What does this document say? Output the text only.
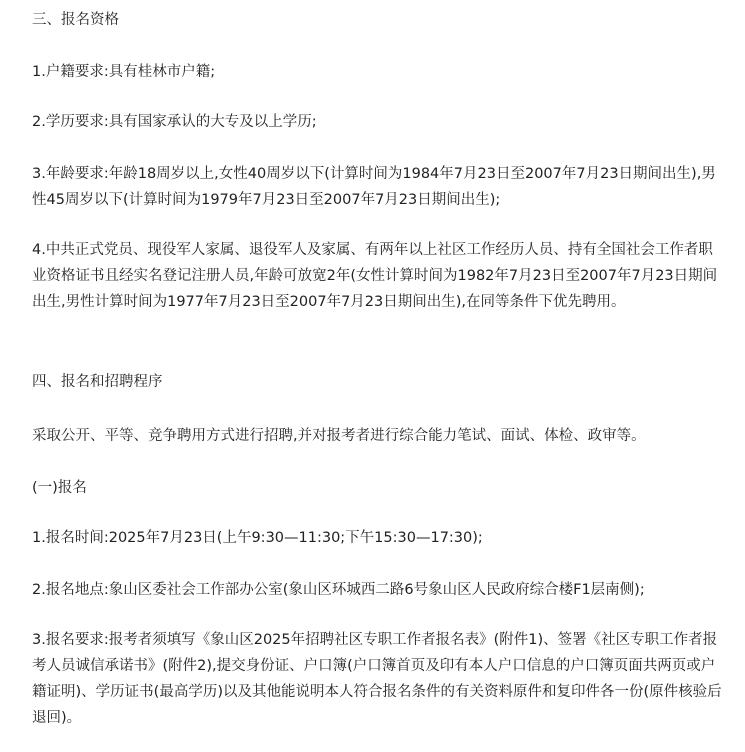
三、报名资格

1.户籍要求:具有桂林市户籍;

2.学历要求:具有国家承认的大专及以上学历;

3.年龄要求:年龄18周岁以上,女性40周岁以下(计算时间为1984年7月23日至2007年7月23日期间出生),男性45周岁以下(计算时间为1979年7月23日至2007年7月23日期间出生);

4.中共正式党员、现役军人家属、退役军人及家属、有两年以上社区工作经历人员、持有全国社会工作者职业资格证书且经实名登记注册人员,年龄可放宽2年(女性计算时间为1982年7月23日至2007年7月23日期间出生,男性计算时间为1977年7月23日至2007年7月23日期间出生),在同等条件下优先聘用。

四、报名和招聘程序

采取公开、平等、竞争聘用方式进行招聘,并对报考者进行综合能力笔试、面试、体检、政审等。

(一)报名

1.报名时间:2025年7月23日(上午9:30—11:30;下午15:30—17:30);

2.报名地点:象山区委社会工作部办公室(象山区环城西二路6号象山区人民政府综合楼F1层南侧);

3.报名要求:报考者须填写《象山区2025年招聘社区专职工作者报名表》(附件1)、签署《社区专职工作者报考人员诚信承诺书》(附件2),提交身份证、户口簿(户口簿首页及印有本人户口信息的户口簿页面共两页或户籍证明)、学历证书(最高学历)以及其他能说明本人符合报名条件的有关资料原件和复印件各一份(原件核验后退回)。
